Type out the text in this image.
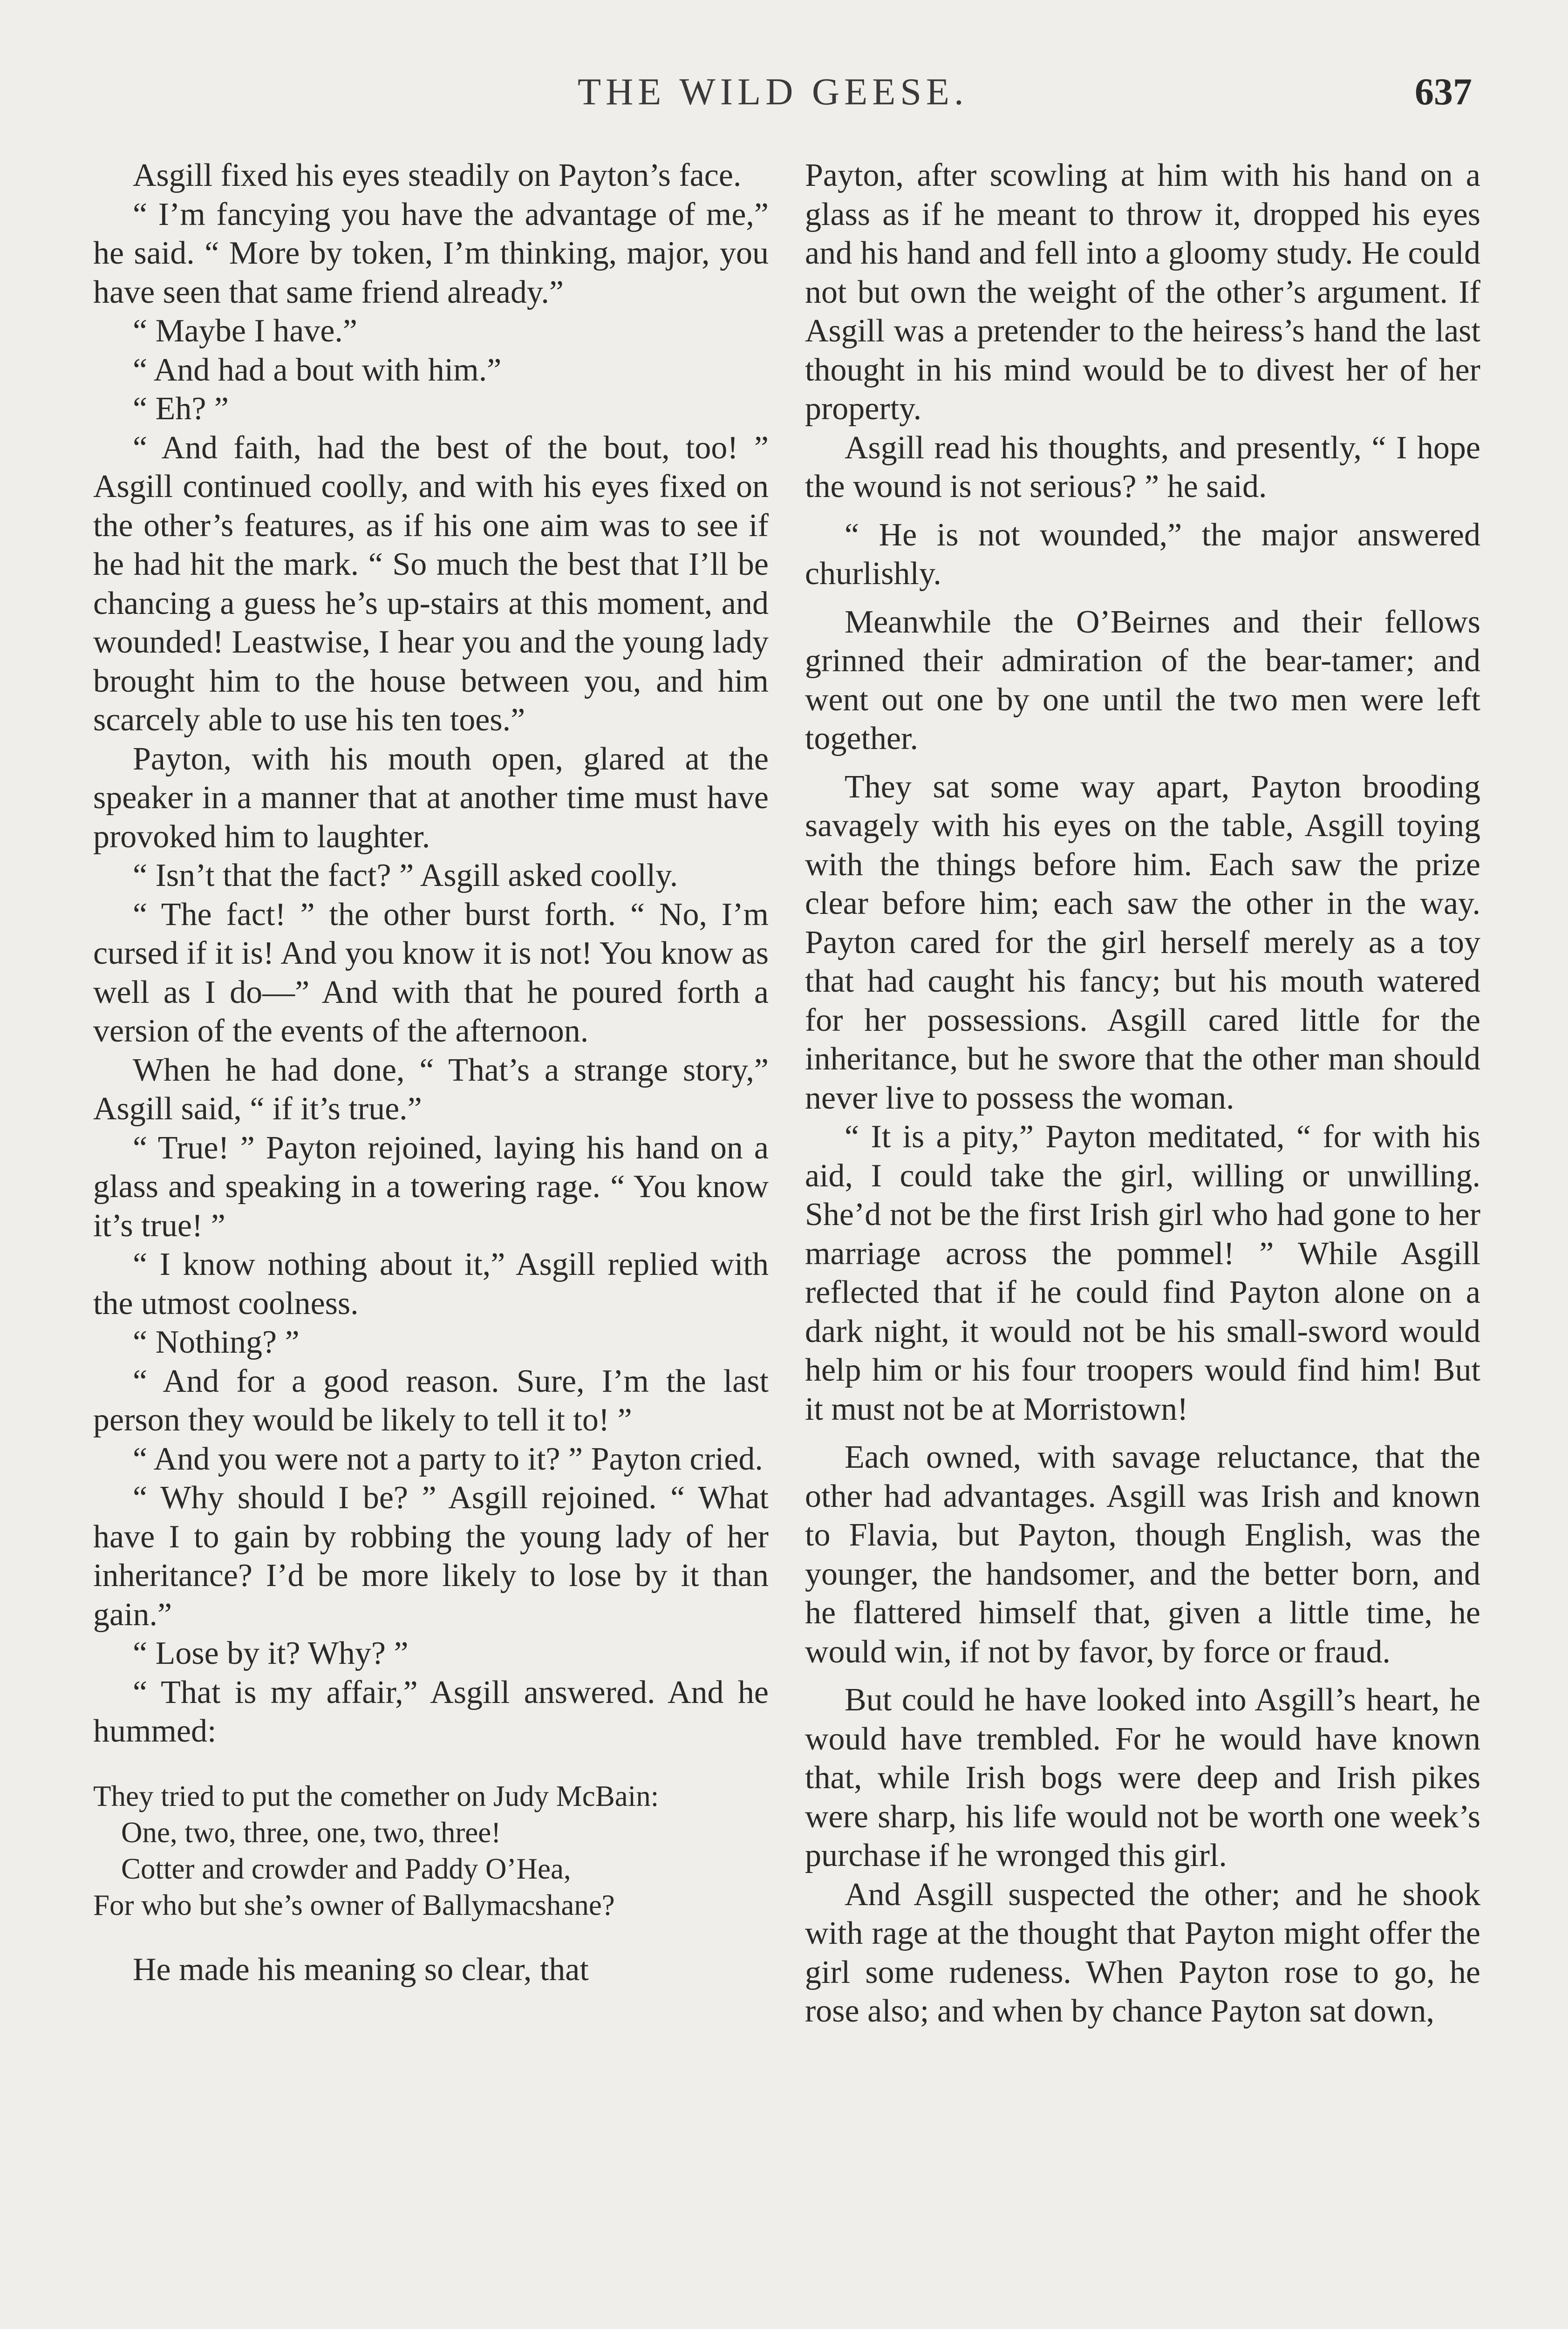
THE WILD GEESE.	637

Asgill fixed his eyes steadily on Payton’s face.

“ I’m fancying you have the advantage of me,” he said. “ More by token, I’m thinking, major, you have seen that same friend already.”

“ Maybe I have.”

“ And had a bout with him.”

“ Eh? ”

“ And faith, had the best of the bout, too! ” Asgill continued coolly, and with his eyes fixed on the other’s features, as if his one aim was to see if he had hit the mark. “ So much the best that I’ll be chancing a guess he’s up-stairs at this moment, and wounded! Leastwise, I hear you and the young lady brought him to the house between you, and him scarcely able to use his ten toes.”

Payton, with his mouth open, glared at the speaker in a manner that at another time must have provoked him to laughter.

“ Isn’t that the fact? ” Asgill asked coolly.

“ The fact! ” the other burst forth. “ No, I’m cursed if it is! And you know it is not! You know as well as I do—” And with that he poured forth a version of the events of the afternoon.

When he had done, “ That’s a strange story,” Asgill said, “ if it’s true.”

“ True! ” Payton rejoined, laying his hand on a glass and speaking in a towering rage. “ You know it’s true! ”

“ I know nothing about it,” Asgill replied with the utmost coolness.

“ Nothing? ”

“ And for a good reason. Sure, I’m the last person they would be likely to tell it to! ”

“ And you were not a party to it? ” Payton cried.

“ Why should I be? ” Asgill rejoined. “ What have I to gain by robbing the young lady of her inheritance? I’d be more likely to lose by it than gain.”

“ Lose by it? Why? ”

“ That is my affair,” Asgill answered. And he hummed:

They tried to put the comether on Judy McBain:
One, two, three, one, two, three!
Cotter and crowder and Paddy O’Hea,
For who but she’s owner of Ballymacshane?

He made his meaning so clear, that

Payton, after scowling at him with his hand on a glass as if he meant to throw it, dropped his eyes and his hand and fell into a gloomy study. He could not but own the weight of the other’s argument. If Asgill was a pretender to the heiress’s hand the last thought in his mind would be to divest her of her property.

Asgill read his thoughts, and presently, “ I hope the wound is not serious? ” he said.

“ He is not wounded,” the major answered churlishly.

Meanwhile the O’Beirnes and their fellows grinned their admiration of the bear-tamer; and went out one by one until the two men were left together.

They sat some way apart, Payton brooding savagely with his eyes on the table, Asgill toying with the things before him. Each saw the prize clear before him; each saw the other in the way. Payton cared for the girl herself merely as a toy that had caught his fancy; but his mouth watered for her possessions. Asgill cared little for the inheritance, but he swore that the other man should never live to possess the woman.

“ It is a pity,” Payton meditated, “ for with his aid, I could take the girl, willing or unwilling. She’d not be the first Irish girl who had gone to her marriage across the pommel! ” While Asgill reflected that if he could find Payton alone on a dark night, it would not be his small-sword would help him or his four troopers would find him! But it must not be at Morristown!

Each owned, with savage reluctance, that the other had advantages. Asgill was Irish and known to Flavia, but Payton, though English, was the younger, the handsomer, and the better born, and he flattered himself that, given a little time, he would win, if not by favor, by force or fraud.

But could he have looked into Asgill’s heart, he would have trembled. For he would have known that, while Irish bogs were deep and Irish pikes were sharp, his life would not be worth one week’s purchase if he wronged this girl.

And Asgill suspected the other; and he shook with rage at the thought that Payton might offer the girl some rudeness. When Payton rose to go, he rose also; and when by chance Payton sat down,
